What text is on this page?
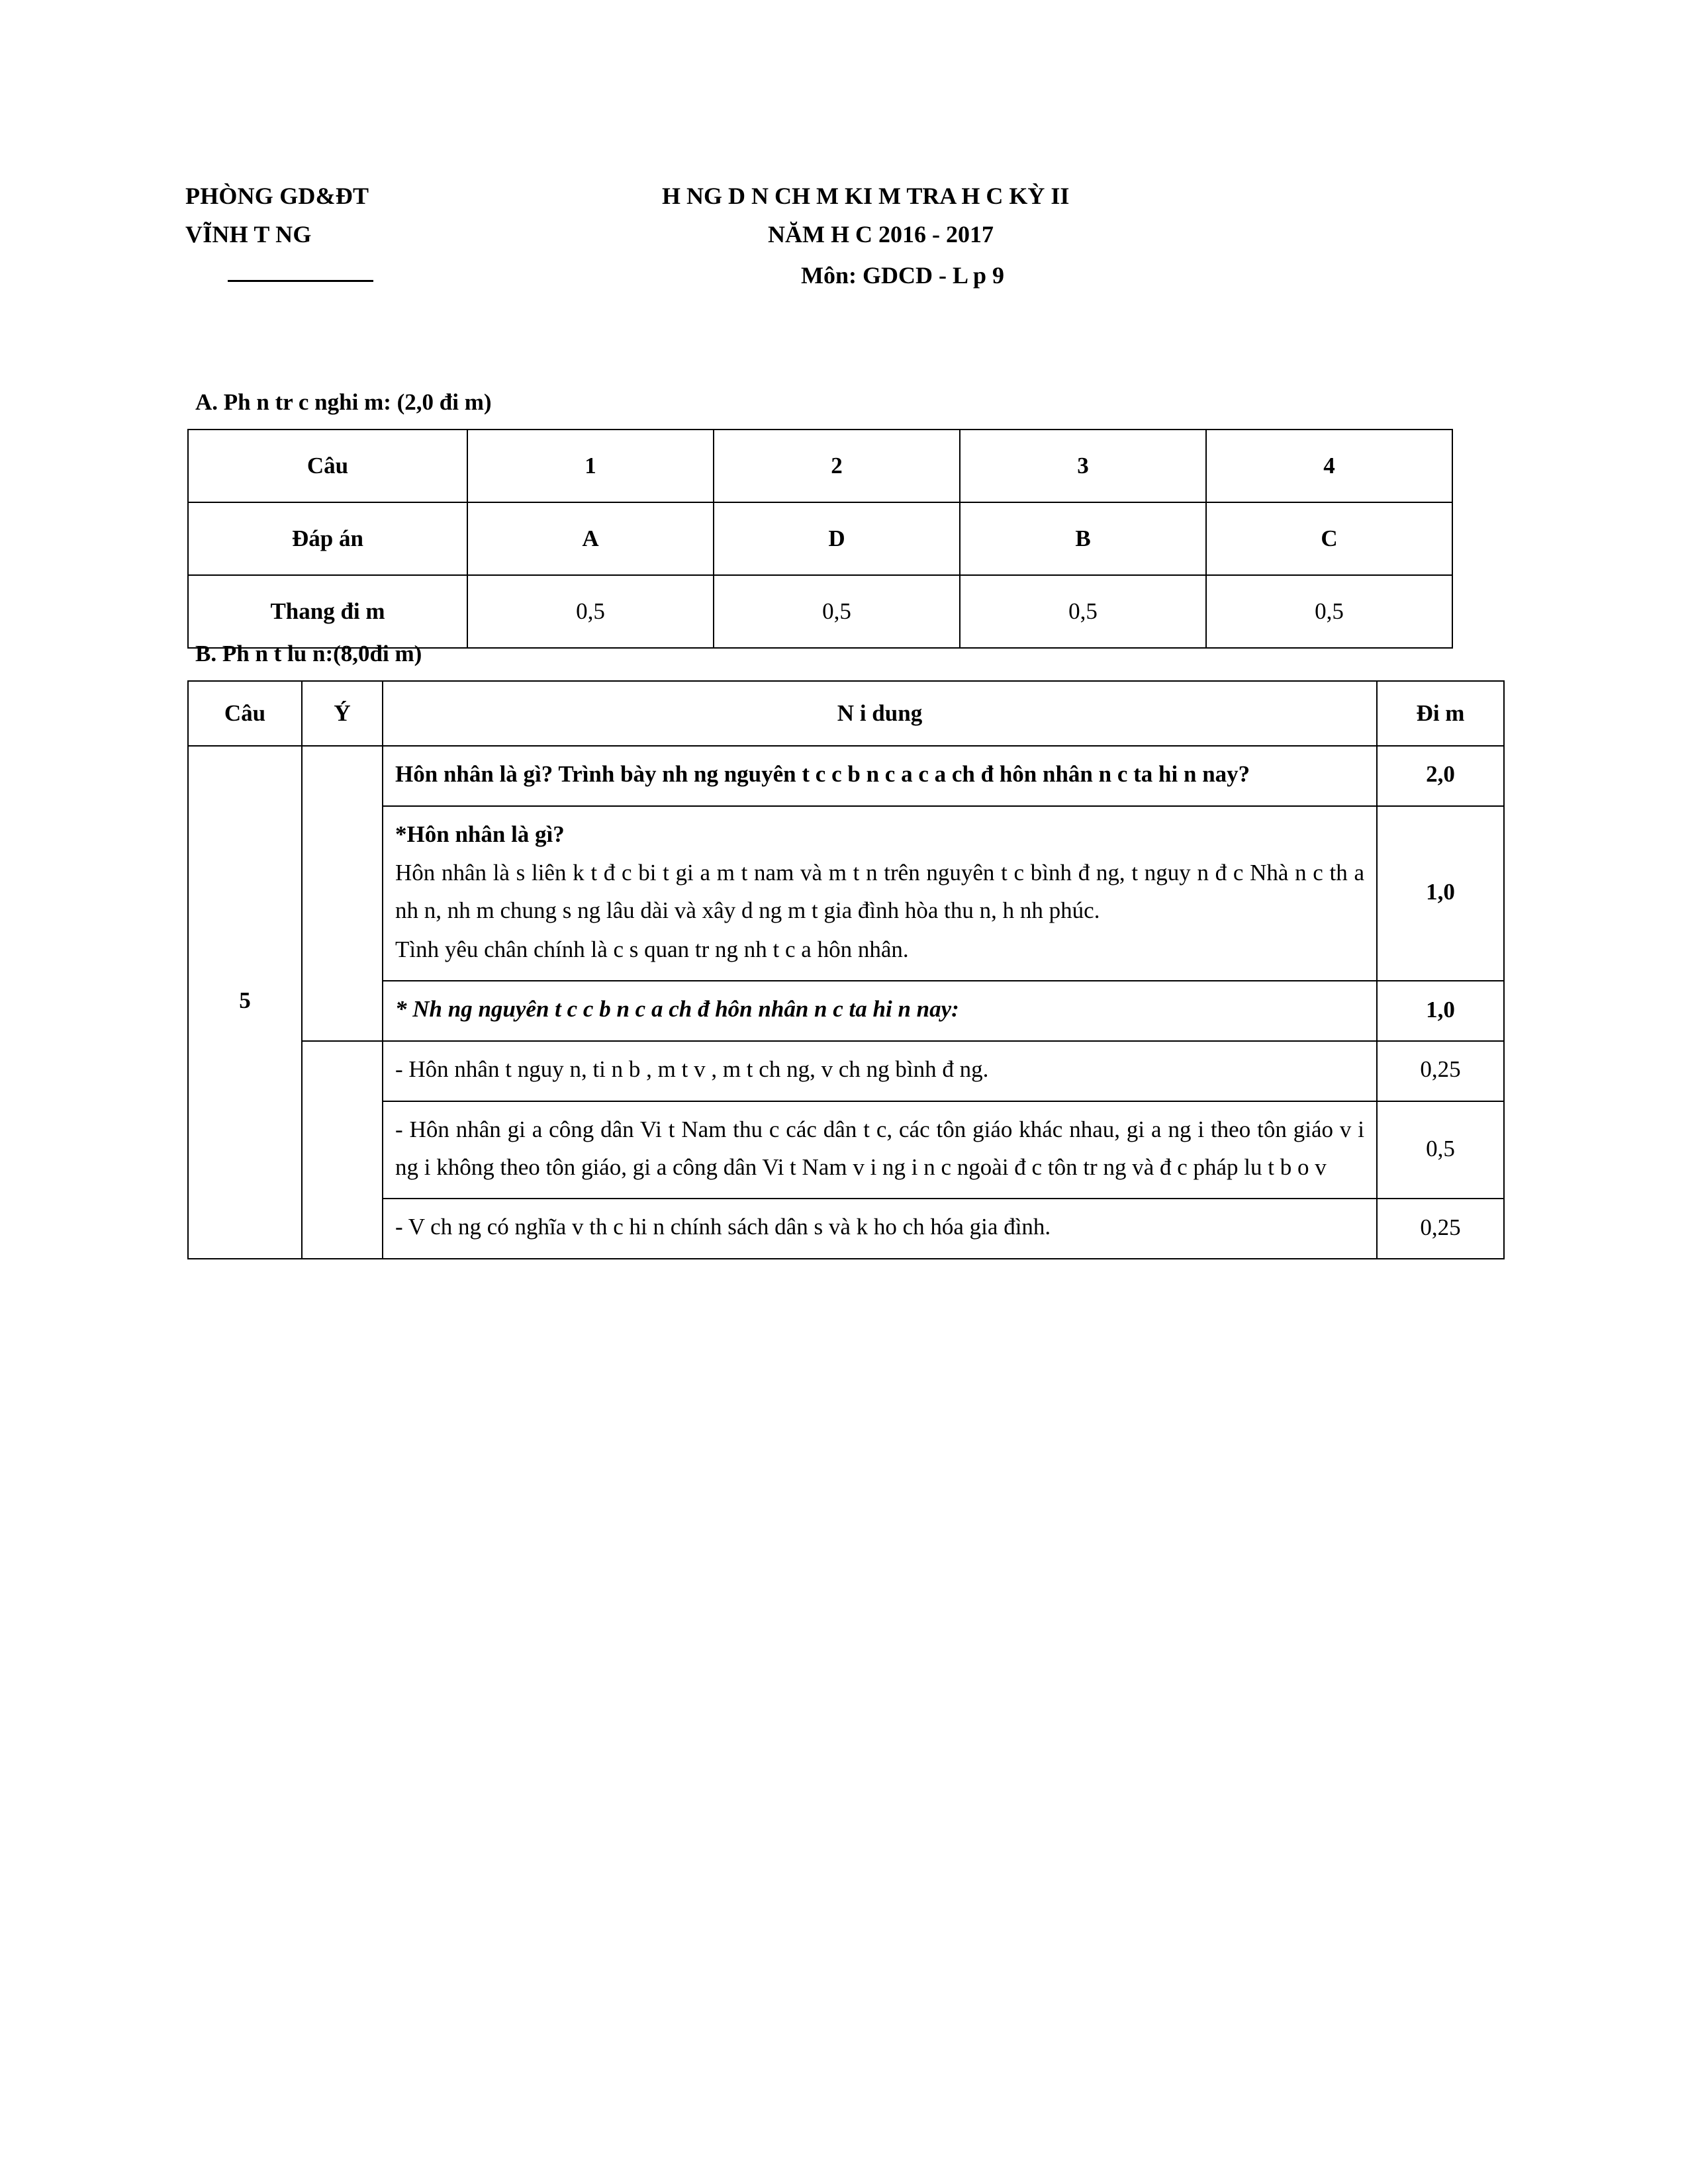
PHÒNG GD&ĐT
VĨNH T NG
H NG D N CH M KI M TRA H C KỲ II
NĂM H C 2016 - 2017
Môn: GDCD - L p 9
A. Ph n tr c nghi m: (2,0 đi m)
Câu	1	2	3	4
Đáp án	A	D	B	C
Thang đi m	0,5	0,5	0,5	0,5
B. Ph n t lu n:(8,0đi m)
Câu	Ý	N i dung	Đi m
5		Hôn nhân là gì? Trình bày nh ng nguyên t c c b n c a c a ch đ hôn nhân n c ta hi n nay?	2,0

		*Hôn nhân là gì?

Hôn nhân là s liên k t đ c bi t gi a m t nam và m t n trên nguyên t c bình đ ng, t nguy n đ c Nhà n c th a nh n, nh m chung s ng lâu dài và xây d ng m t gia đình hòa thu n, h nh phúc.

Tình yêu chân chính là c s quan tr ng nh t c a hôn nhân.	1,0

		* Nh ng nguyên t c c b n c a ch đ hôn nhân n c ta hi n nay:	1,0

		- Hôn nhân t nguy n, ti n b , m t v , m t ch ng, v ch ng bình đ ng.	0,25

		- Hôn nhân gi a công dân Vi t Nam thu c các dân t c, các tôn giáo khác nhau, gi a ng i theo tôn giáo v i ng i không theo tôn giáo, gi a công dân Vi t Nam v i ng i n c ngoài đ c tôn tr ng và đ c pháp lu t b o v	0,5

		- V ch ng có nghĩa v th c hi n chính sách dân s và k ho ch hóa gia đình.	0,25
